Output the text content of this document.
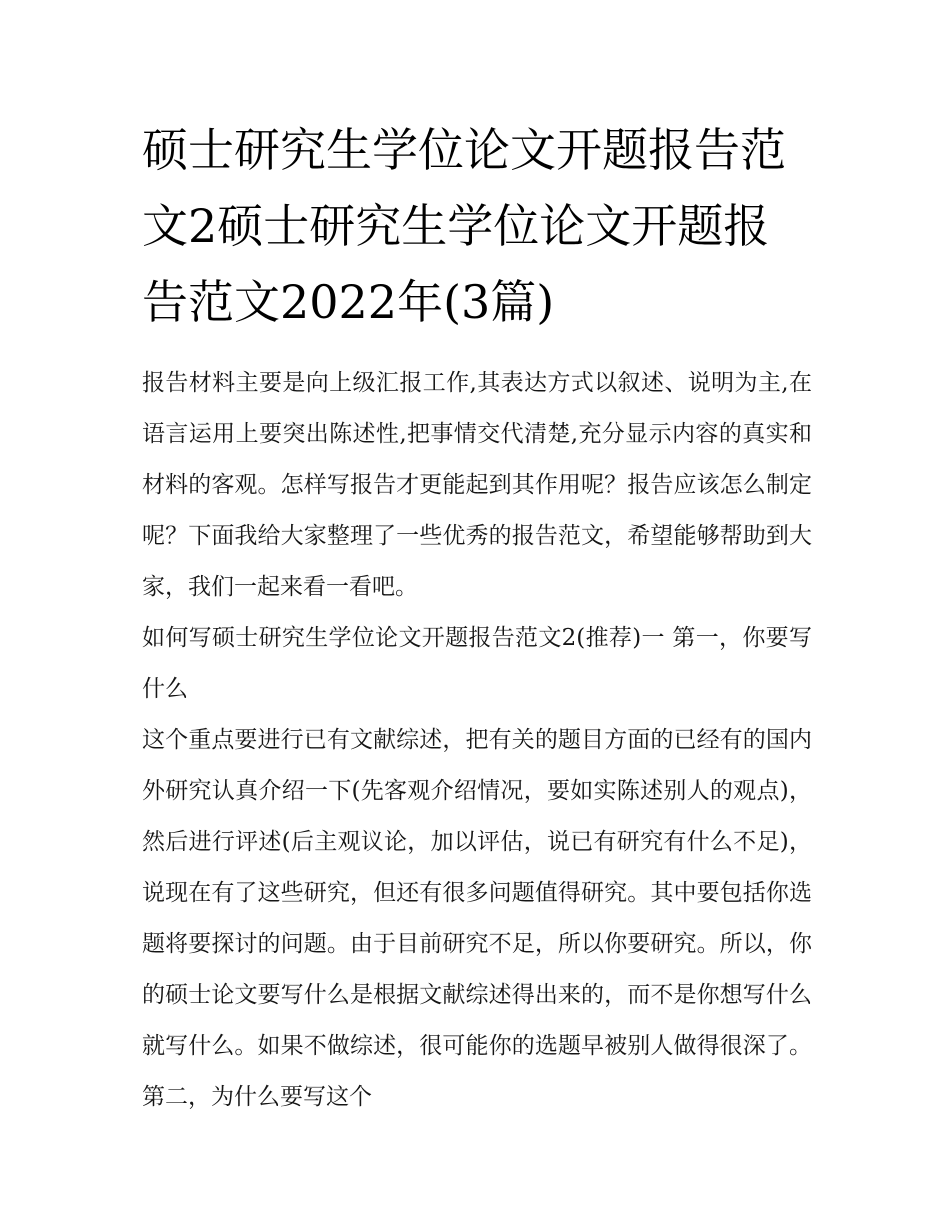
硕士研究生学位论文开题报告范文2硕士研究生学位论文开题报告范文2022年(3篇)

报告材料主要是向上级汇报工作,其表达方式以叙述、说明为主,在语言运用上要突出陈述性,把事情交代清楚,充分显示内容的真实和材料的客观。怎样写报告才更能起到其作用呢？报告应该怎么制定呢？下面我给大家整理了一些优秀的报告范文，希望能够帮助到大家，我们一起来看一看吧。

如何写硕士研究生学位论文开题报告范文2(推荐)一 第一，你要写什么

这个重点要进行已有文献综述，把有关的题目方面的已经有的国内外研究认真介绍一下(先客观介绍情况，要如实陈述别人的观点)，然后进行评述(后主观议论，加以评估，说已有研究有什么不足)，说现在有了这些研究，但还有很多问题值得研究。其中要包括你选题将要探讨的问题。由于目前研究不足，所以你要研究。所以，你的硕士论文要写什么是根据文献综述得出来的，而不是你想写什么就写什么。如果不做综述，很可能你的选题早被别人做得很深了。第二，为什么要写这个
